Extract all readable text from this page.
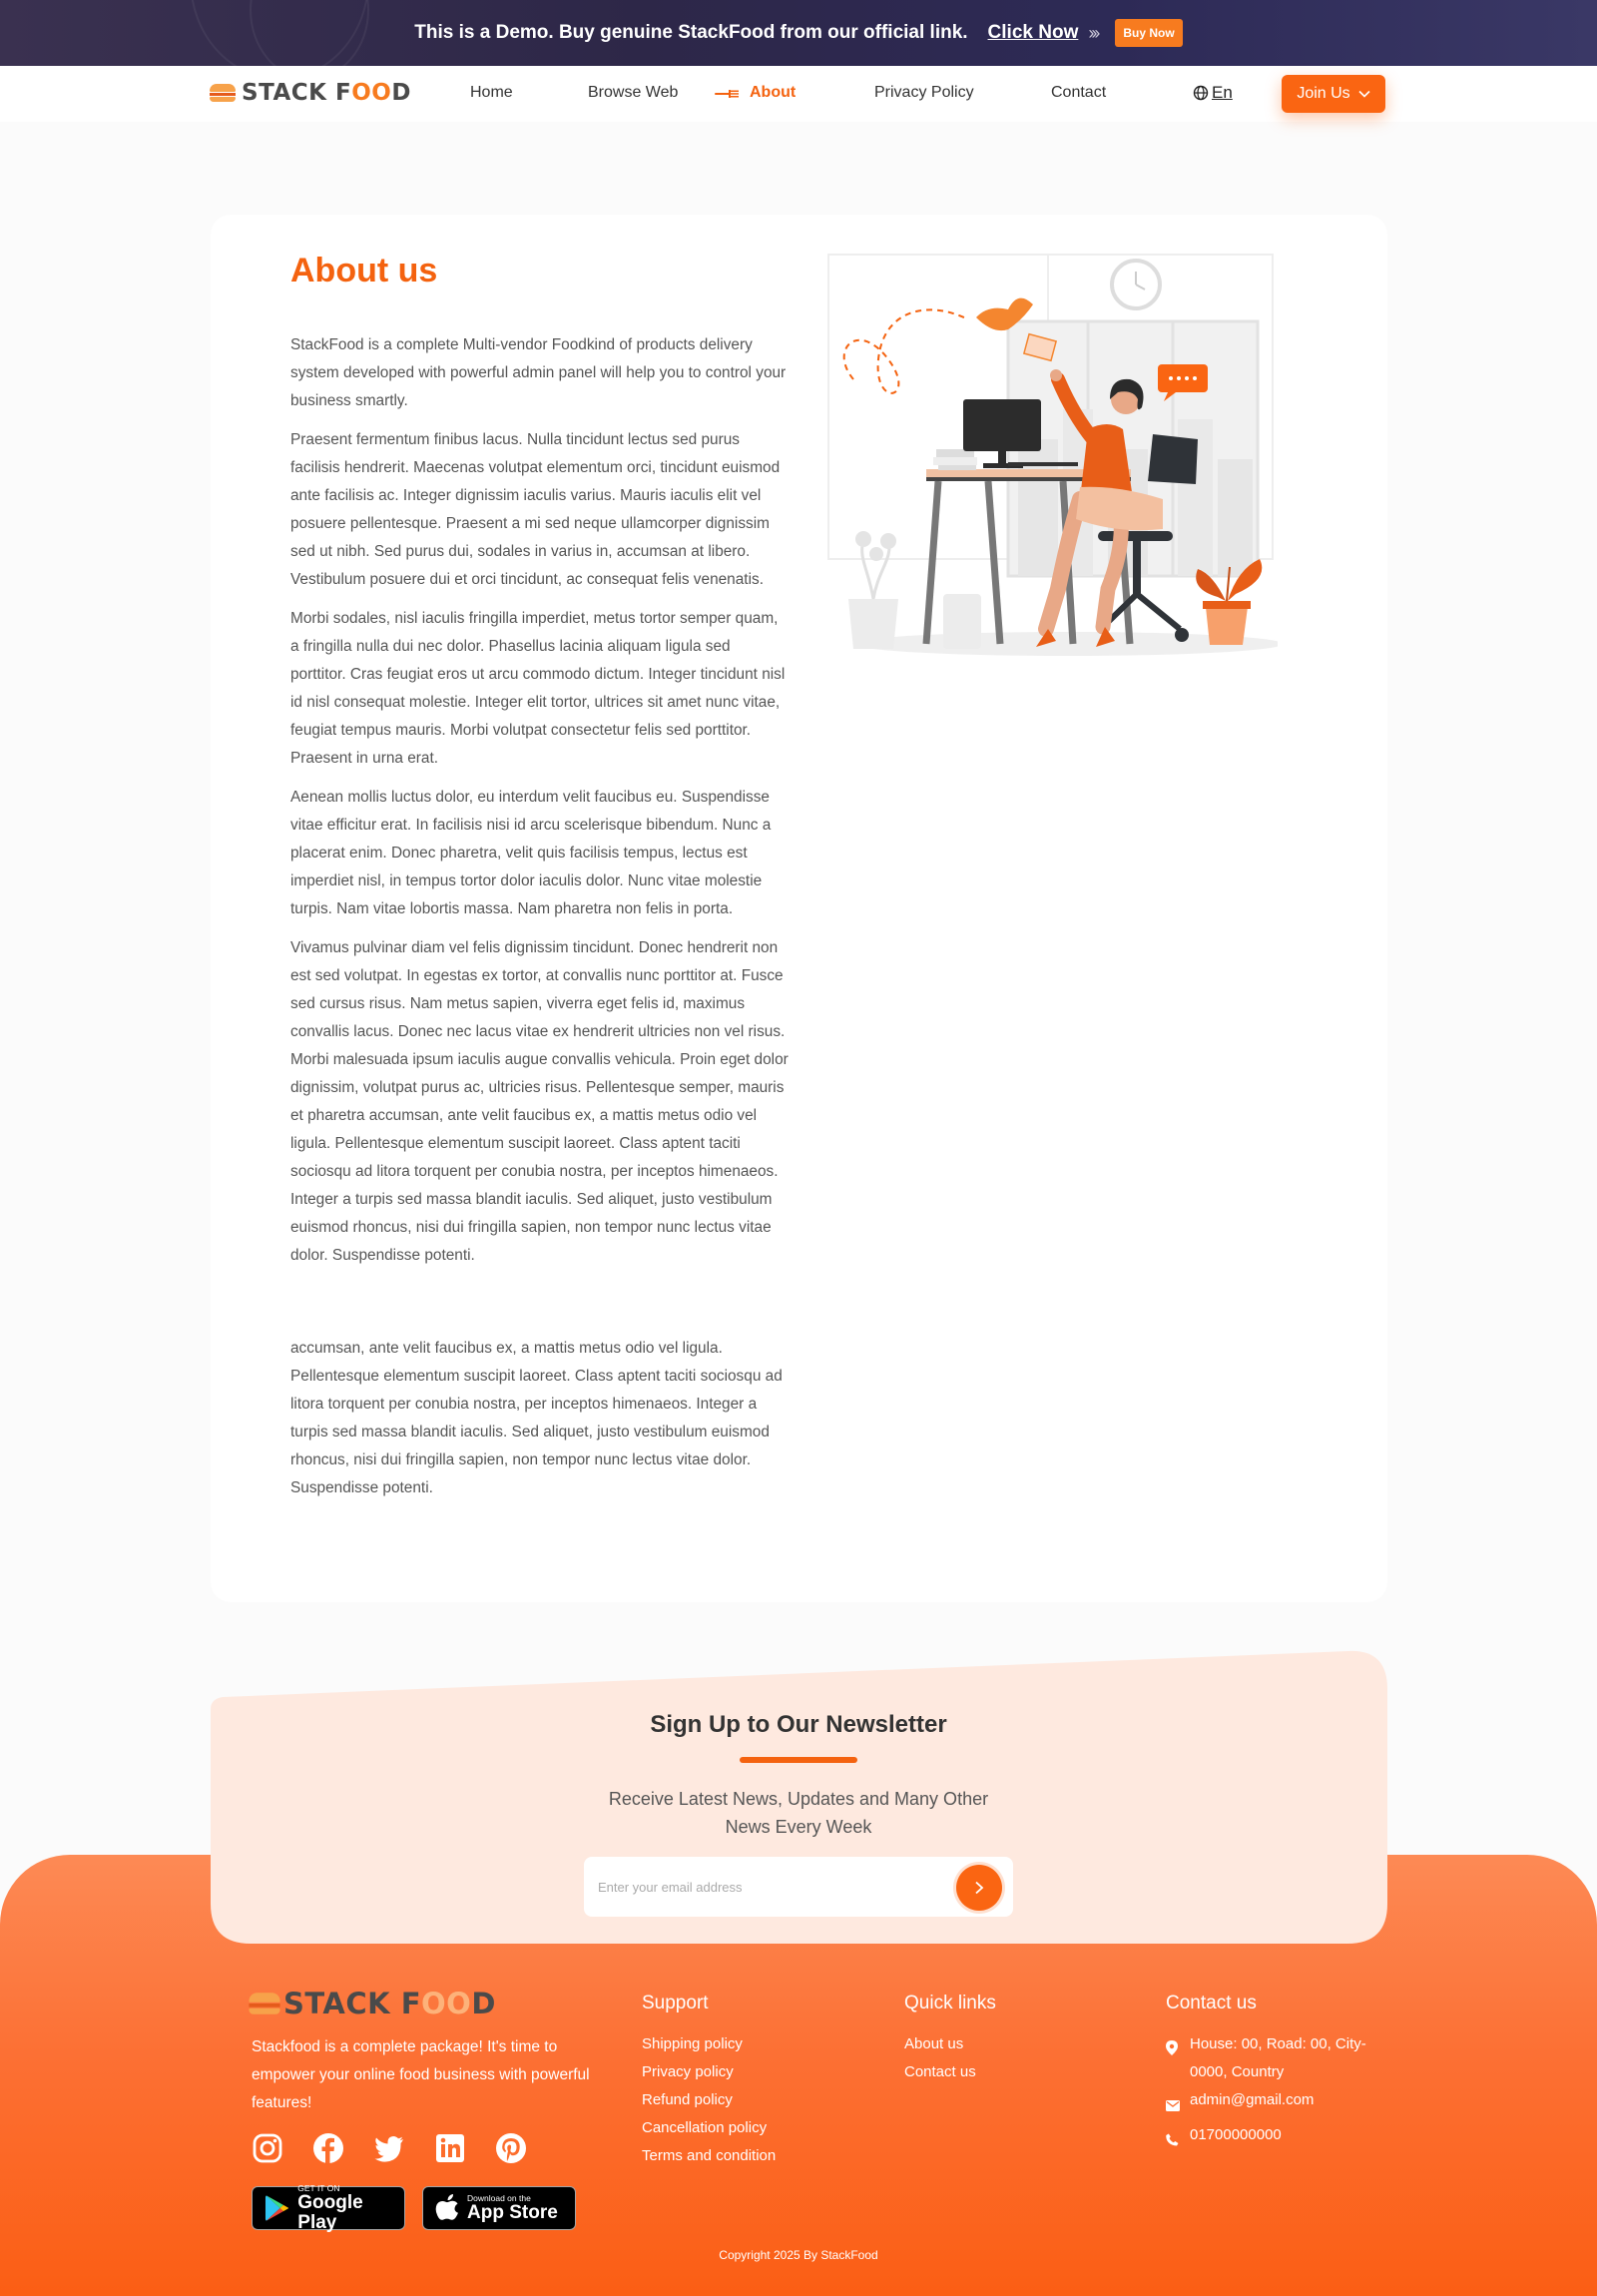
This is a Demo. Buy genuine StackFood from our official link. Click Now ›››	Buy Now
STACK FOOD	Home	Browse Web	About	Privacy Policy	Contact	En	Join Us
About us

StackFood is a complete Multi-vendor Foodkind of products delivery system developed with powerful admin panel will help you to control your business smartly.

Praesent fermentum finibus lacus. Nulla tincidunt lectus sed purus facilisis hendrerit. Maecenas volutpat elementum orci, tincidunt euismod ante facilisis ac. Integer dignissim iaculis varius. Mauris iaculis elit vel posuere pellentesque. Praesent a mi sed neque ullamcorper dignissim sed ut nibh. Sed purus dui, sodales in varius in, accumsan at libero. Vestibulum posuere dui et orci tincidunt, ac consequat felis venenatis.

Morbi sodales, nisl iaculis fringilla imperdiet, metus tortor semper quam, a fringilla nulla dui nec dolor. Phasellus lacinia aliquam ligula sed porttitor. Cras feugiat eros ut arcu commodo dictum. Integer tincidunt nisl id nisl consequat molestie. Integer elit tortor, ultrices sit amet nunc vitae, feugiat tempus mauris. Morbi volutpat consectetur felis sed porttitor. Praesent in urna erat.

Aenean mollis luctus dolor, eu interdum velit faucibus eu. Suspendisse vitae efficitur erat. In facilisis nisi id arcu scelerisque bibendum. Nunc a placerat enim. Donec pharetra, velit quis facilisis tempus, lectus est imperdiet nisl, in tempus tortor dolor iaculis dolor. Nunc vitae molestie turpis. Nam vitae lobortis massa. Nam pharetra non felis in porta.

Vivamus pulvinar diam vel felis dignissim tincidunt. Donec hendrerit non est sed volutpat. In egestas ex tortor, at convallis nunc porttitor at. Fusce sed cursus risus. Nam metus sapien, viverra eget felis id, maximus convallis lacus. Donec nec lacus vitae ex hendrerit ultricies non vel risus. Morbi malesuada ipsum iaculis augue convallis vehicula. Proin eget dolor dignissim, volutpat purus ac, ultricies risus. Pellentesque semper, mauris et pharetra accumsan, ante velit faucibus ex, a mattis metus odio vel ligula. Pellentesque elementum suscipit laoreet. Class aptent taciti sociosqu ad litora torquent per conubia nostra, per inceptos himenaeos. Integer a turpis sed massa blandit iaculis. Sed aliquet, justo vestibulum euismod rhoncus, nisi dui fringilla sapien, non tempor nunc lectus vitae dolor. Suspendisse potenti.

accumsan, ante velit faucibus ex, a mattis metus odio vel ligula. Pellentesque elementum suscipit laoreet. Class aptent taciti sociosqu ad litora torquent per conubia nostra, per inceptos himenaeos. Integer a turpis sed massa blandit iaculis. Sed aliquet, justo vestibulum euismod rhoncus, nisi dui fringilla sapien, non tempor nunc lectus vitae dolor. Suspendisse potenti.
Sign Up to Our Newsletter

Receive Latest News, Updates and Many Other News Every Week

Enter your email address
STACK FOOD

Stackfood is a complete package! It's time to empower your online food business with powerful features!

GET IT ON
Google Play
Download on the
App Store
Support
Shipping policy
Privacy policy
Refund policy
Cancellation policy
Terms and condition
Quick links
About us
Contact us
Contact us
House: 00, Road: 00, City-0000, Country
admin@gmail.com
01700000000

Copyright 2025 By StackFood
